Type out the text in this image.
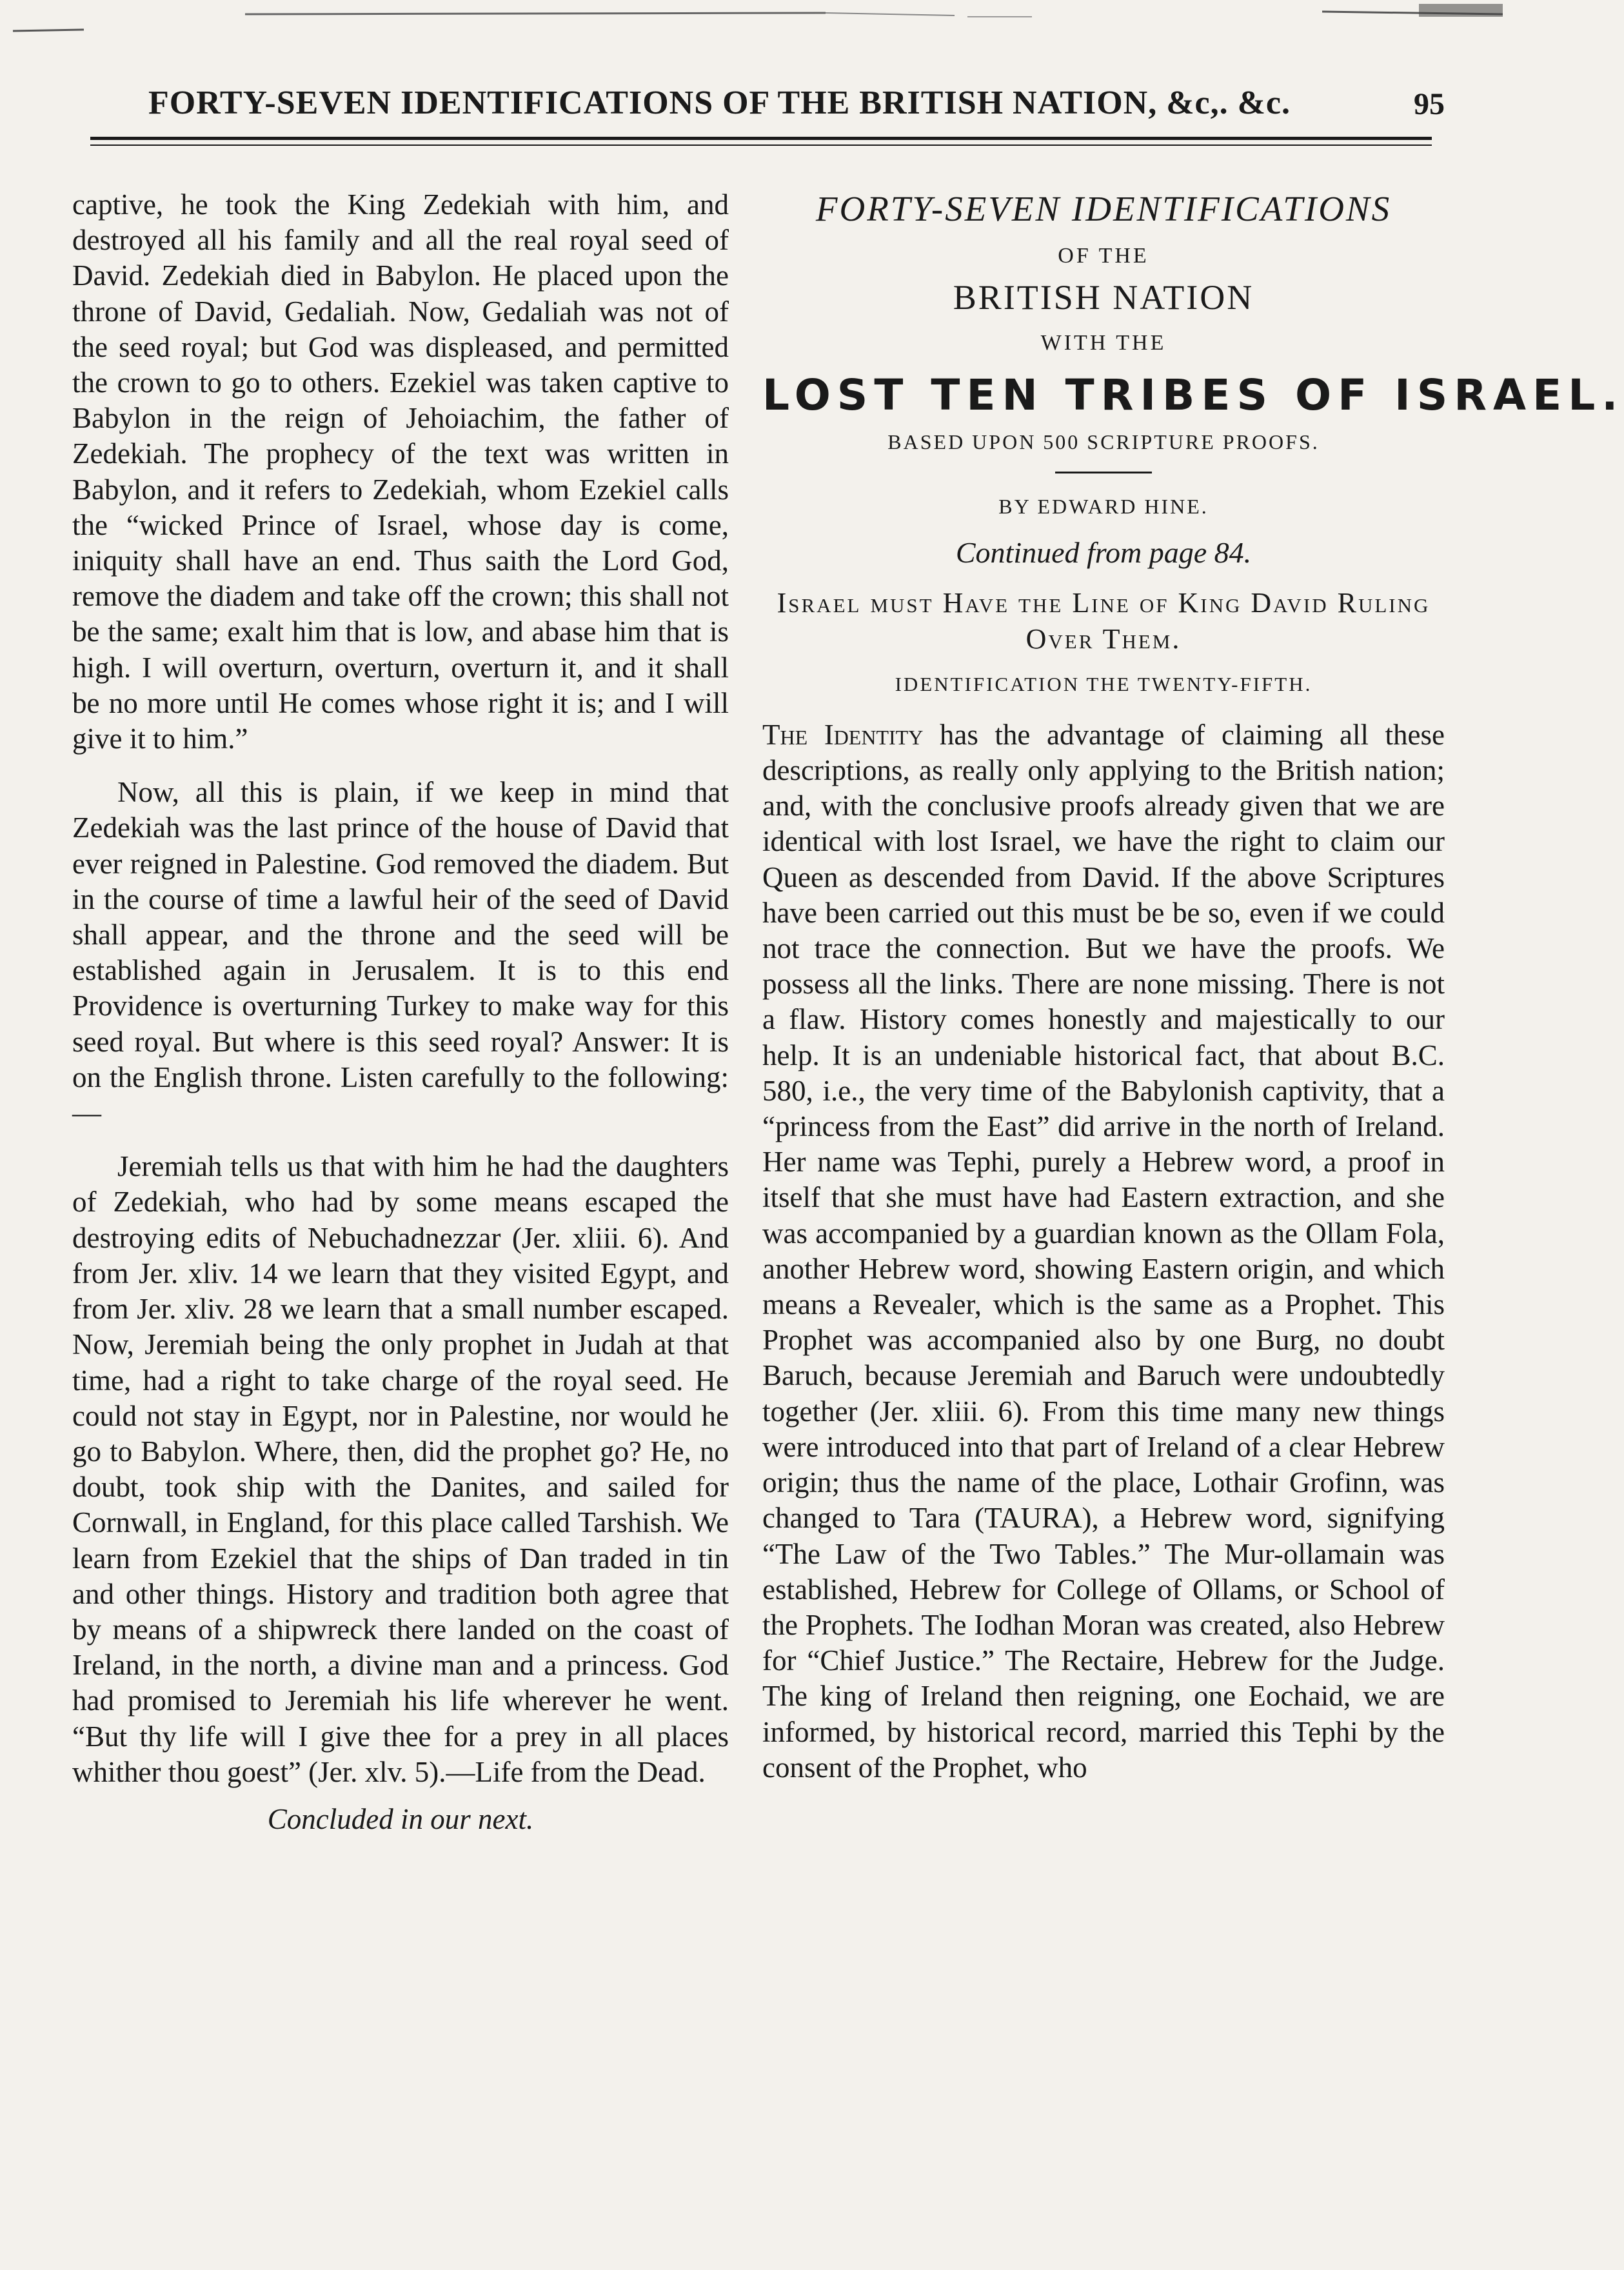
FORTY-SEVEN IDENTIFICATIONS OF THE BRITISH NATION, &c,. &c.	95

captive, he took the King Zedekiah with him, and destroyed all his family and all the real royal seed of David. Zedekiah died in Babylon. He placed upon the throne of David, Gedaliah. Now, Gedaliah was not of the seed royal; but God was displeased, and permitted the crown to go to others. Ezekiel was taken captive to Babylon in the reign of Jehoiachim, the father of Zedekiah. The prophecy of the text was written in Babylon, and it refers to Zedekiah, whom Ezekiel calls the “wicked Prince of Israel, whose day is come, iniquity shall have an end. Thus saith the Lord God, remove the diadem and take off the crown; this shall not be the same; exalt him that is low, and abase him that is high. I will overturn, overturn, overturn it, and it shall be no more until He comes whose right it is; and I will give it to him.”

Now, all this is plain, if we keep in mind that Zedekiah was the last prince of the house of David that ever reigned in Palestine. God removed the diadem. But in the course of time a lawful heir of the seed of David shall appear, and the throne and the seed will be established again in Jerusalem. It is to this end Providence is overturning Turkey to make way for this seed royal. But where is this seed royal? Answer: It is on the English throne. Listen carefully to the following:—

Jeremiah tells us that with him he had the daughters of Zedekiah, who had by some means escaped the destroying edits of Nebuchadnezzar (Jer. xliii. 6). And from Jer. xliv. 14 we learn that they visited Egypt, and from Jer. xliv. 28 we learn that a small number escaped. Now, Jeremiah being the only prophet in Judah at that time, had a right to take charge of the royal seed. He could not stay in Egypt, nor in Palestine, nor would he go to Babylon. Where, then, did the prophet go? He, no doubt, took ship with the Danites, and sailed for Cornwall, in England, for this place called Tarshish. We learn from Ezekiel that the ships of Dan traded in tin and other things. History and tradition both agree that by means of a shipwreck there landed on the coast of Ireland, in the north, a divine man and a princess. God had promised to Jeremiah his life wherever he went. “But thy life will I give thee for a prey in all places whither thou goest” (Jer. xlv. 5).—Life from the Dead.

Concluded in our next.
FORTY-SEVEN IDENTIFICATIONS
OF THE
BRITISH NATION
WITH THE
LOST TEN TRIBES OF ISRAEL.
BASED UPON 500 SCRIPTURE PROOFS.
BY EDWARD HINE.
Continued from page 84.
Israel must Have the Line of King David Ruling Over Them.
IDENTIFICATION THE TWENTY-FIFTH.

The Identity has the advantage of claiming all these descriptions, as really only applying to the British nation; and, with the conclusive proofs already given that we are identical with lost Israel, we have the right to claim our Queen as descended from David. If the above Scriptures have been carried out this must be be so, even if we could not trace the connection. But we have the proofs. We possess all the links. There are none missing. There is not a flaw. History comes honestly and majestically to our help. It is an undeniable historical fact, that about B.C. 580, i.e., the very time of the Babylonish captivity, that a “princess from the East” did arrive in the north of Ireland. Her name was Tephi, purely a Hebrew word, a proof in itself that she must have had Eastern extraction, and she was accompanied by a guardian known as the Ollam Fola, another Hebrew word, showing Eastern origin, and which means a Revealer, which is the same as a Prophet. This Prophet was accompanied also by one Burg, no doubt Baruch, because Jeremiah and Baruch were undoubtedly together (Jer. xliii. 6). From this time many new things were introduced into that part of Ireland of a clear Hebrew origin; thus the name of the place, Lothair Grofinn, was changed to Tara (TAURA), a Hebrew word, signifying “The Law of the Two Tables.” The Mur-ollamain was established, Hebrew for College of Ollams, or School of the Prophets. The Iodhan Moran was created, also Hebrew for “Chief Justice.” The Rectaire, Hebrew for the Judge. The king of Ireland then reigning, one Eochaid, we are informed, by historical record, married this Tephi by the consent of the Prophet, who
